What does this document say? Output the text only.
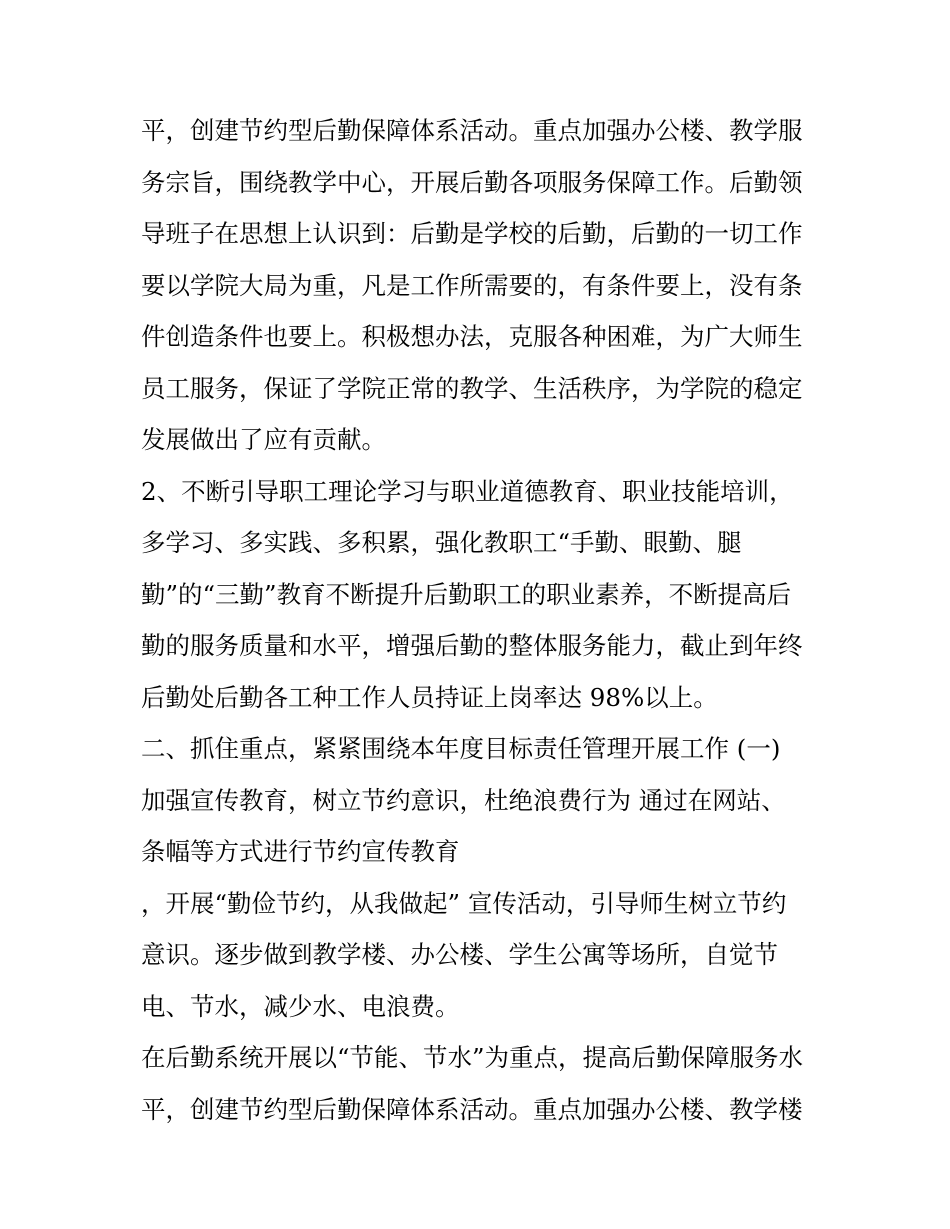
平，创建节约型后勤保障体系活动。重点加强办公楼、教学服

务宗旨，围绕教学中心，开展后勤各项服务保障工作。后勤领

导班子在思想上认识到：后勤是学校的后勤，后勤的一切工作

要以学院大局为重，凡是工作所需要的，有条件要上，没有条

件创造条件也要上。积极想办法，克服各种困难，为广大师生

员工服务，保证了学院正常的教学、生活秩序，为学院的稳定

发展做出了应有贡献。

2、不断引导职工理论学习与职业道德教育、职业技能培训，

多学习、多实践、多积累，强化教职工“手勤、眼勤、腿

勤”的“三勤”教育不断提升后勤职工的职业素养，不断提高后

勤的服务质量和水平，增强后勤的整体服务能力，截止到年终

后勤处后勤各工种工作人员持证上岗率达 98%以上。

二、抓住重点，紧紧围绕本年度目标责任管理开展工作 (一)

加强宣传教育，树立节约意识，杜绝浪费行为 通过在网站、

条幅等方式进行节约宣传教育

，开展“勤俭节约，从我做起” 宣传活动，引导师生树立节约

意识。逐步做到教学楼、办公楼、学生公寓等场所，自觉节

电、节水，减少水、电浪费。

在后勤系统开展以“节能、节水”为重点，提高后勤保障服务水

平，创建节约型后勤保障体系活动。重点加强办公楼、教学楼
